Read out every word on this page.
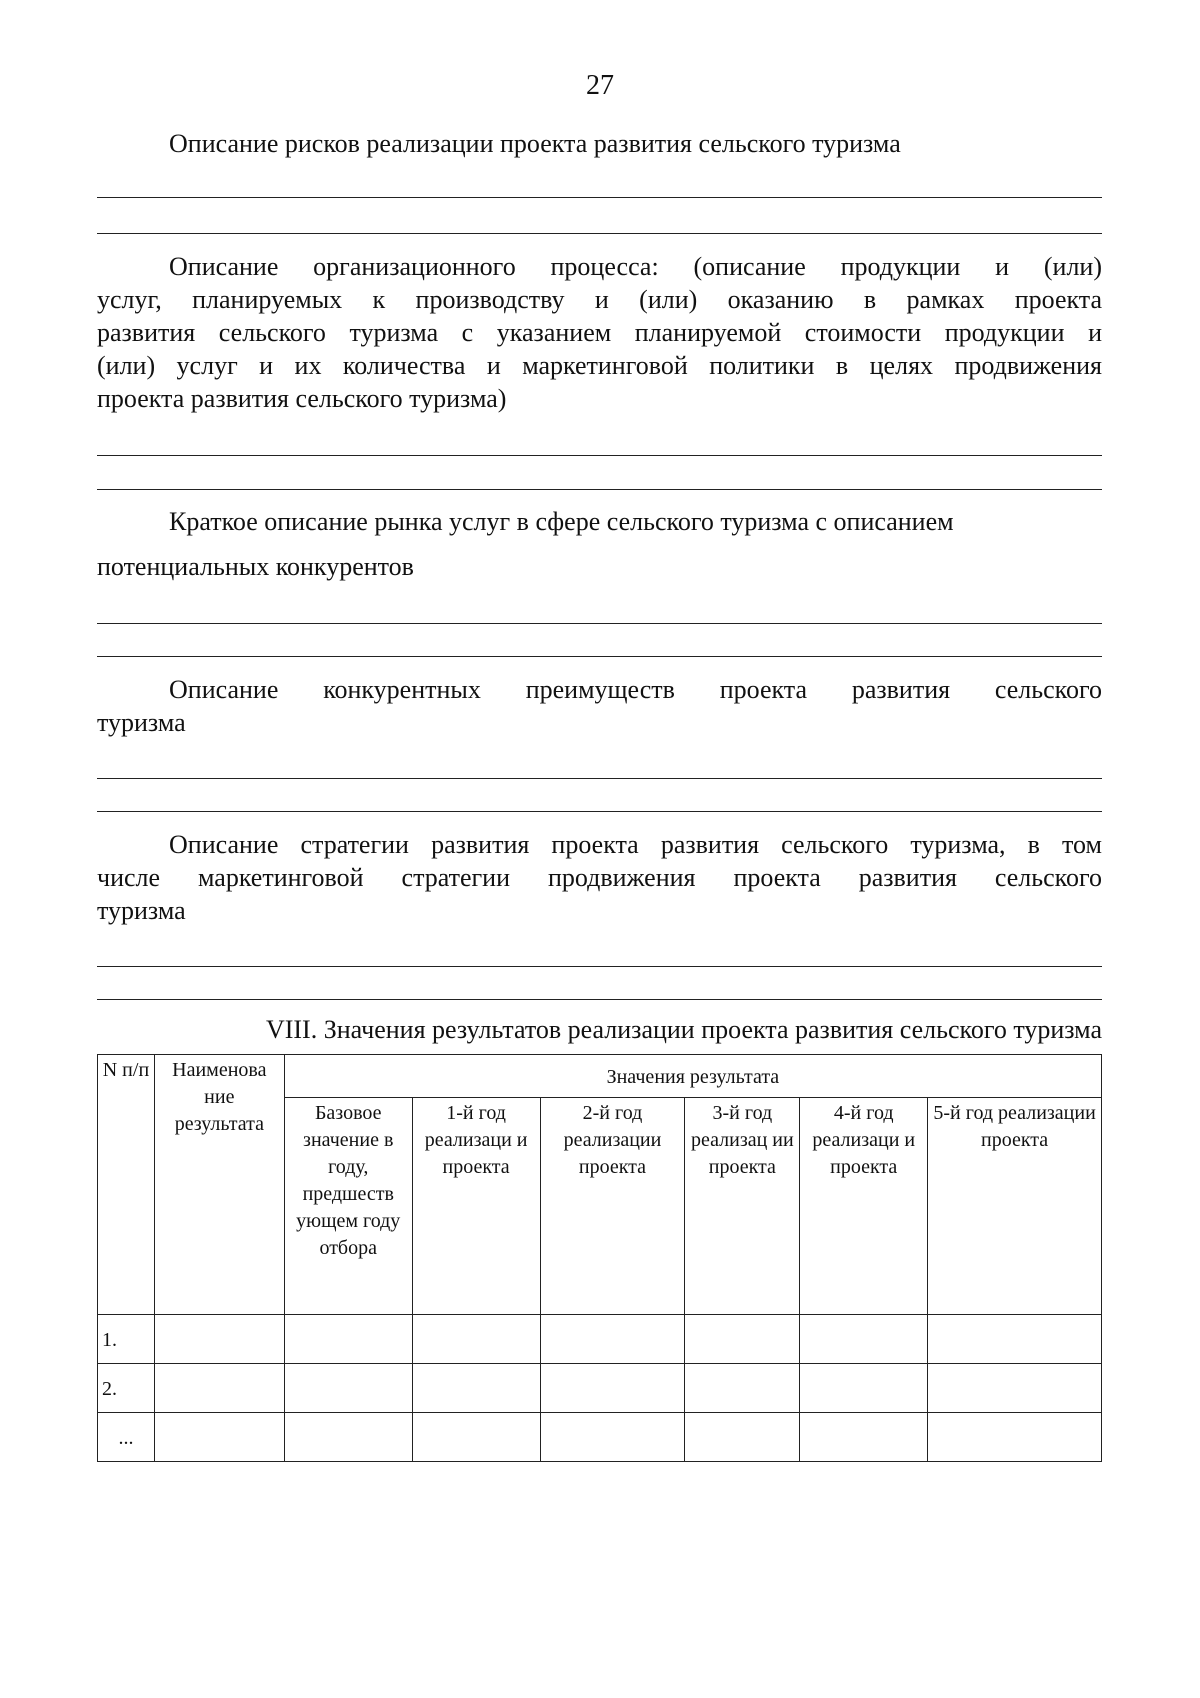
27
Описание рисков реализации проекта развития сельского туризма
Описание организационного процесса: (описание продукции и (или)
услуг, планируемых к производству и (или) оказанию в рамках проекта
развития сельского туризма с указанием планируемой стоимости продукции и
(или) услуг и их количества и маркетинговой политики в целях продвижения
проекта развития сельского туризма)
Краткое описание рынка услуг в сфере сельского туризма с описанием
потенциальных конкурентов
Описание конкурентных преимуществ проекта развития сельского
туризма
Описание стратегии развития проекта развития сельского туризма, в том
числе маркетинговой стратегии продвижения проекта развития сельского
туризма
VIII. Значения результатов реализации проекта развития сельского туризма
N п/п	Наименова ние результата	Значения результата					
		Базовое значение в году, предшеств ующем году отбора	1-й год реализаци и проекта	2-й год реализации проекта	3-й год реализац ии проекта	4-й год реализаци и проекта	5-й год реализации проекта
1.							
2.							
...							
